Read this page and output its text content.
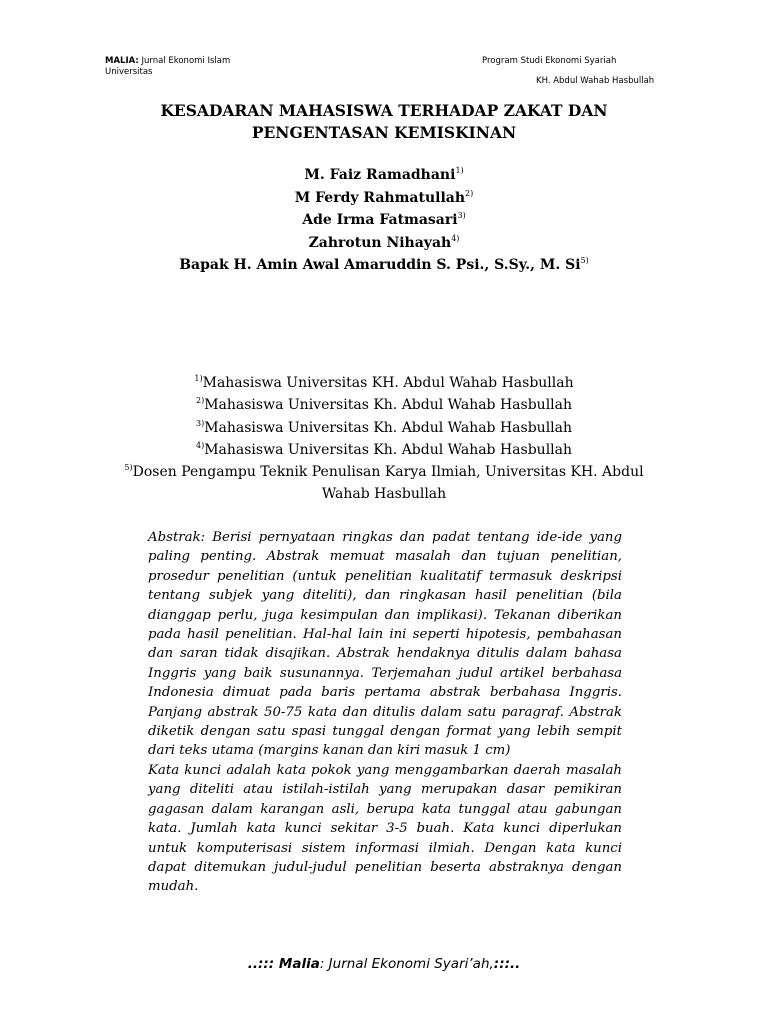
MALIA: Jurnal Ekonomi Islam
Universitas
Program Studi Ekonomi Syariah
KH. Abdul Wahab Hasbullah
KESADARAN MAHASISWA TERHADAP ZAKAT DAN
PENGENTASAN KEMISKINAN
M. Faiz Ramadhani$^{1)}$
M Ferdy Rahmatullah$^{2)}$
Ade Irma Fatmasari$^{3)}$
Zahrotun Nihayah$^{4)}$
Bapak H. Amin Awal Amaruddin S. Psi., S.Sy., M. Si$^{5)}$
$^{1)}$Mahasiswa Universitas KH. Abdul Wahab Hasbullah
$^{2)}$Mahasiswa Universitas Kh. Abdul Wahab Hasbullah
$^{3)}$Mahasiswa Universitas Kh. Abdul Wahab Hasbullah
$^{4)}$Mahasiswa Universitas Kh. Abdul Wahab Hasbullah
$^{5)}$Dosen Pengampu Teknik Penulisan Karya Ilmiah, Universitas KH. Abdul Wahab Hasbullah

Abstrak: Berisi pernyataan ringkas dan padat tentang ide-ide yang paling penting. Abstrak memuat masalah dan tujuan penelitian, prosedur penelitian (untuk penelitian kualitatif termasuk deskripsi tentang subjek yang diteliti), dan ringkasan hasil penelitian (bila dianggap perlu, juga kesimpulan dan implikasi). Tekanan diberikan pada hasil penelitian. Hal-hal lain ini seperti hipotesis, pembahasan dan saran tidak disajikan. Abstrak hendaknya ditulis dalam bahasa Inggris yang baik susunannya. Terjemahan judul artikel berbahasa Indonesia dimuat pada baris pertama abstrak berbahasa Inggris. Panjang abstrak 50-75 kata dan ditulis dalam satu paragraf. Abstrak diketik dengan satu spasi tunggal dengan format yang lebih sempit dari teks utama (margins kanan dan kiri masuk 1 cm)

Kata kunci adalah kata pokok yang menggambarkan daerah masalah yang diteliti atau istilah-istilah yang merupakan dasar pemikiran gagasan dalam karangan asli, berupa kata tunggal atau gabungan kata. Jumlah kata kunci sekitar 3-5 buah. Kata kunci diperlukan untuk komputerisasi sistem informasi ilmiah. Dengan kata kunci dapat ditemukan judul-judul penelitian beserta abstraknya dengan mudah.

..::: Malia: Jurnal Ekonomi Syari’ah,:::..
